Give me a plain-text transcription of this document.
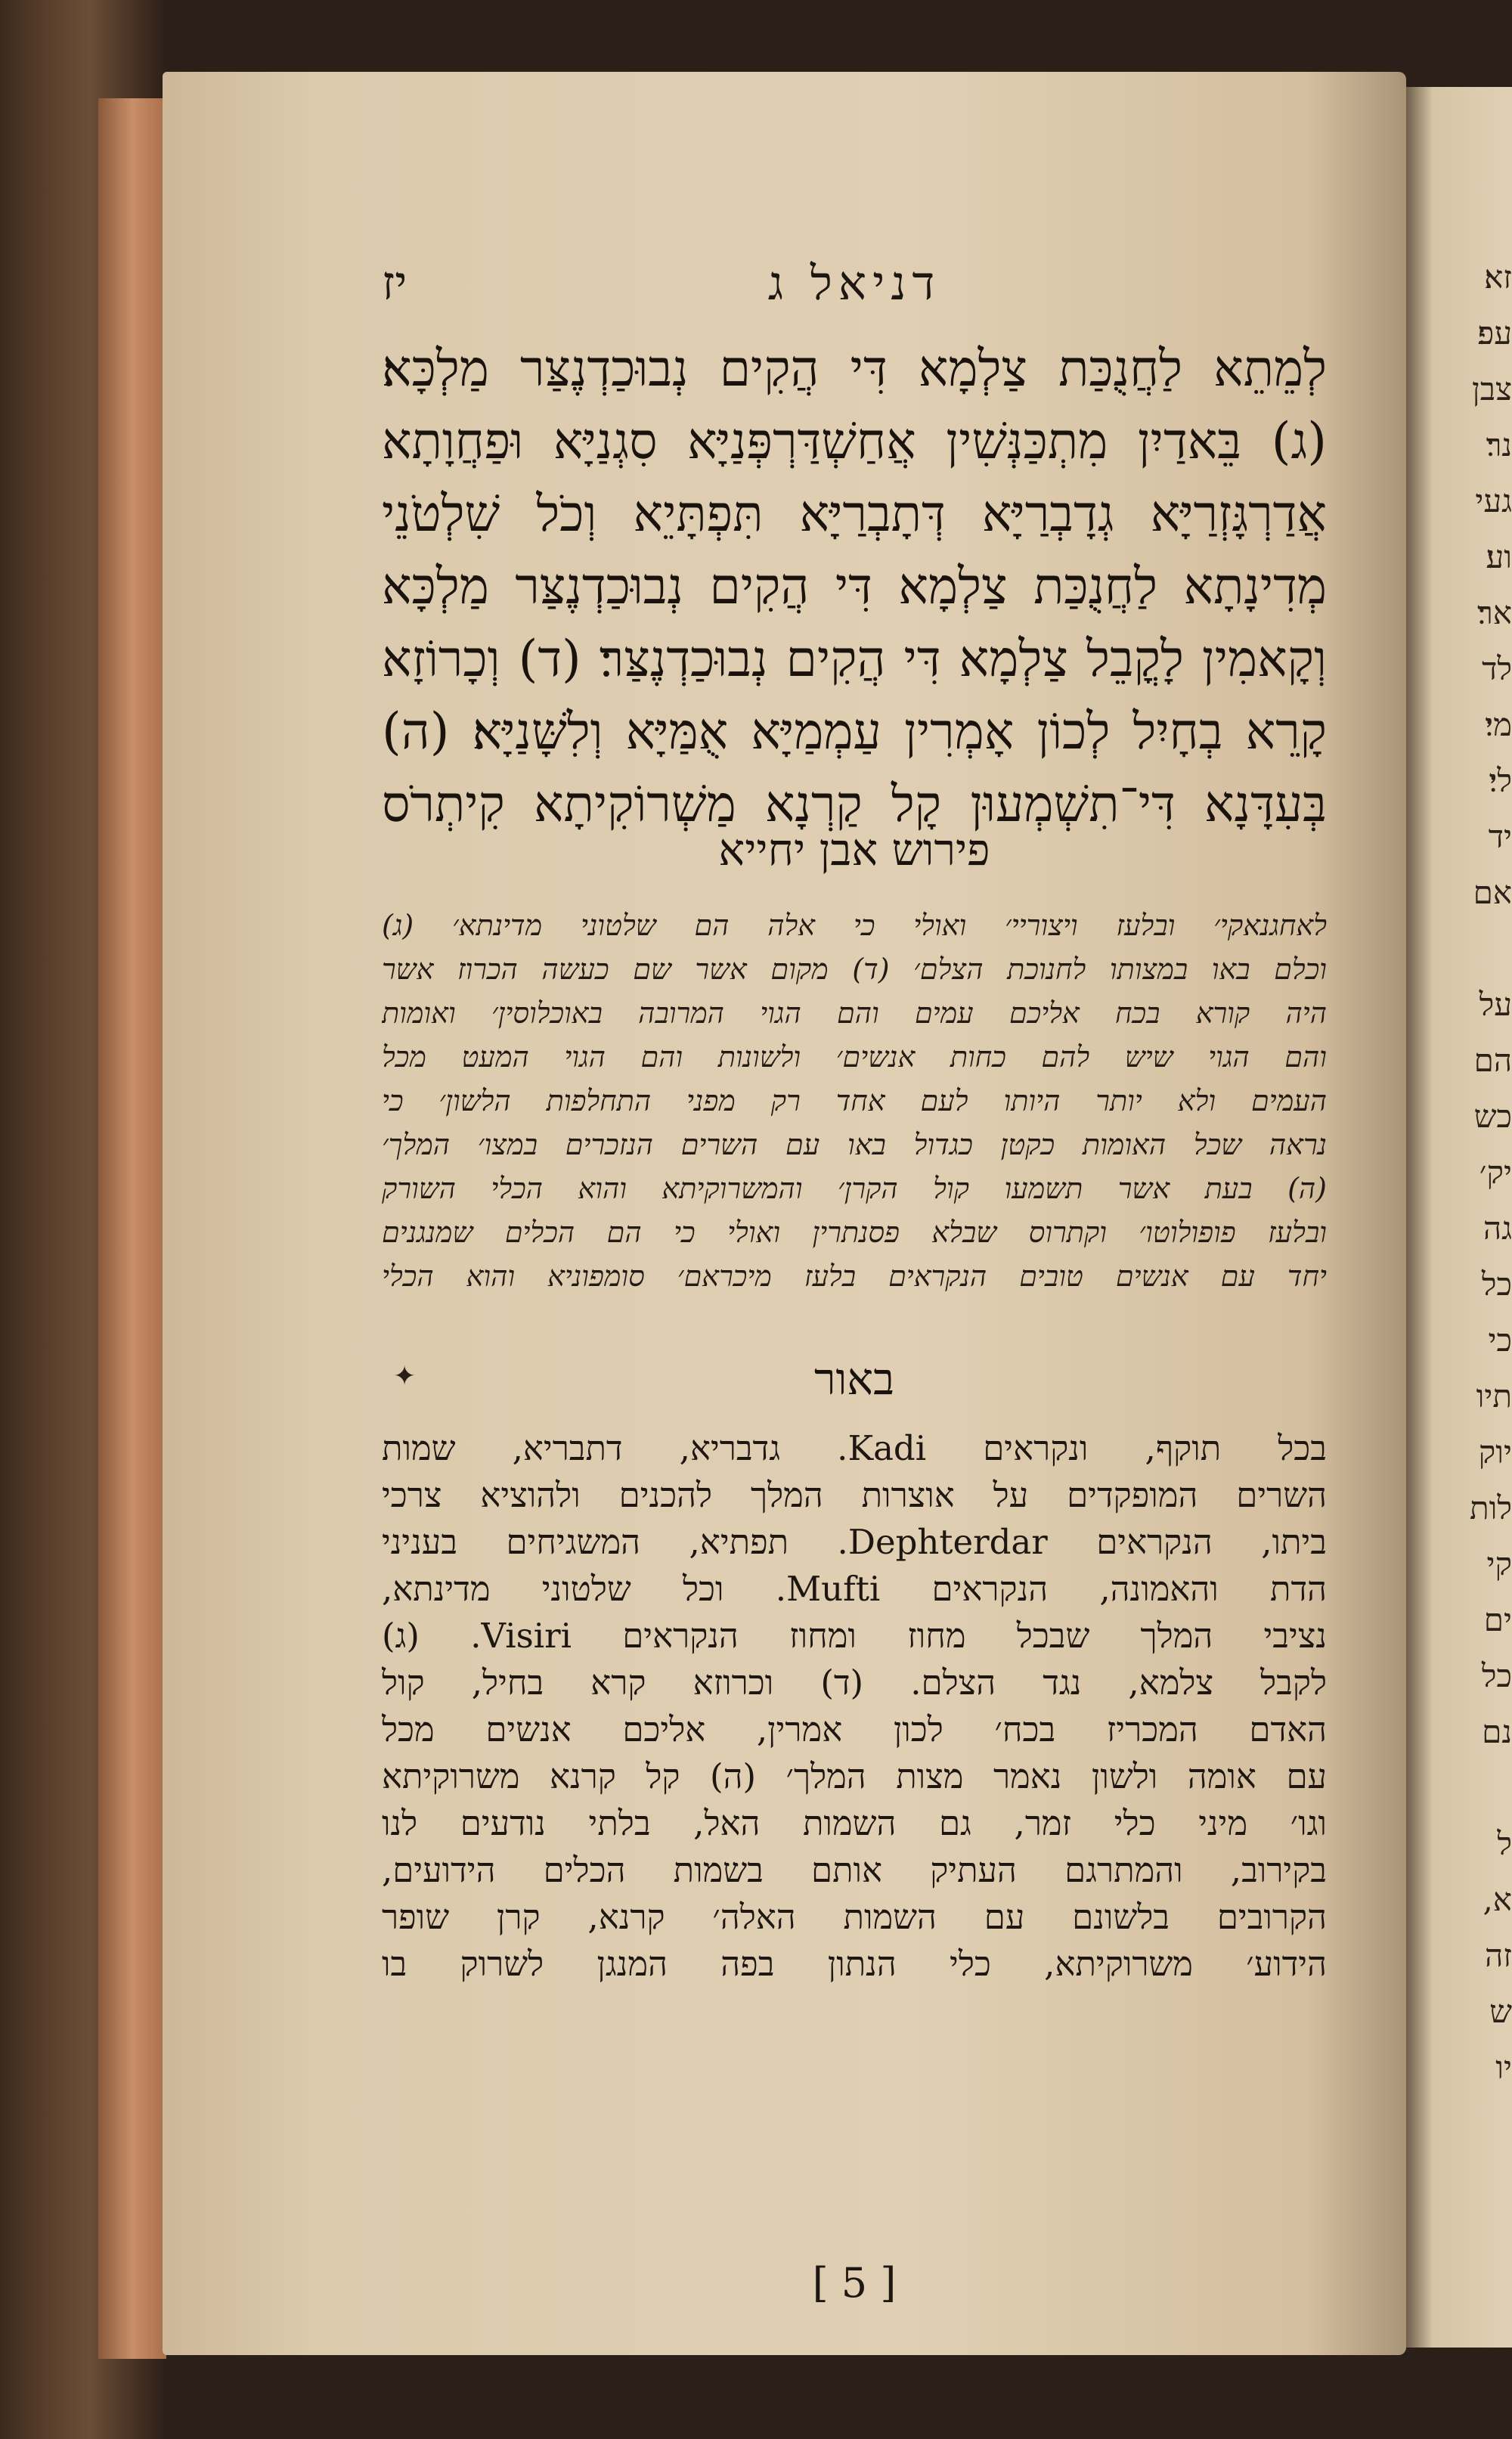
זא׃
עפ׃
צבן
נר׃
געי
וע׃
אר׃
לד
מי׃
לי׃
יד
אם

על
הם
כש
יק׳
גה
כל
כי
תיו
יוק
לות
קי
ים
כל
נם

ל
א,
זה
ש
יו
דניאל ג
יז

לְמֵתֵא לַחֲנֻכַּת צַלְמָא דִּי הֲקִים נְבוּכַדְנֶצַּר מַלְכָּא׃

(ג) בֵּאדַיִן מִתְכַּנְּשִׁין אֲחַשְׁדַּרְפְּנַיָּא סִגְנַיָּא וּפַחֲוָתָא

אֲדַרְגָּזְרַיָּא גְדָבְרַיָּא דְּתָבְרַיָּא תִּפְתָּיֵא וְכֹל שִׁלְטֹנֵי

מְדִינָתָא לַחֲנֻכַּת צַלְמָא דִּי הֲקִים נְבוּכַדְנֶצַּר מַלְכָּא

וְקָאמִין לָקֳבֵל צַלְמָא דִּי הֲקִים נְבוּכַדְנֶצַּר׃ (ד) וְכָרוֹזָא

קָרֵא בְחָיִל לְכוֹן אָמְרִין עַמְמַיָּא אֻמַּיָּא וְלִשָּׁנַיָּא׃ (ה)

בְּעִדָּנָא דִּי־תִשְׁמְעוּן קָל קַרְנָא מַשְׁרוֹקִיתָא קִיתְרֹס

פירוש אבן יחייא

לאחגנאקי׳ ובלעז ויצוריי׳ ואולי כי אלה הם שלטוני מדינתא׳ (ג)

וכלם באו במצותו לחנוכת הצלם׳ (ד) מקום אשר שם כעשה הכרוז אשר

היה קורא בכח אליכם עמים והם הגוי המרובה באוכלוסין׳ ואומות

והם הגוי שיש להם כחות אנשים׳ ולשונות והם הגוי המעט מכל

העמים ולא יותר היותו לעם אחד רק מפני התחלפות הלשון׳ כי

נראה שכל האומות כקטן כגדול באו עם השרים הנזכרים במצו׳ המלך׳

(ה) בעת אשר תשמעו קול הקרן׳ והמשרוקיתא והוא הכלי השורק

ובלעז פופולוטו׳ וקתרוס שבלא פסנתרין ואולי כי הם הכלים שמנגנים

יחד עם אנשים טובים הנקראים בלעז מיכראם׳ סומפוניא והוא הכלי

✦	באור

בכל תוקף, ונקראים Kadi. גדבריא, דתבריא, שמות

השרים המופקדים על אוצרות המלך להכנים ולהוציא צרכי

ביתו, הנקראים Dephterdar. תפתיא, המשגיחים בעניני

הדת והאמונה, הנקראים Mufti. וכל שלטוני מדינתא,

נציבי המלך שבכל מחוז ומחוז הנקראים Visiri. (ג)

לקבל צלמא, נגד הצלם. (ד) וכרוזא קרא בחיל, קול

האדם המכריז בכח׳ לכון אמרין, אליכם אנשים מכל

עם אומה ולשון נאמר מצות המלך׳ (ה) קל קרנא משרוקיתא

וגו׳ מיני כלי זמר, גם השמות האל, בלתי נודעים לנו

בקירוב, והמתרגם העתיק אותם בשמות הכלים הידועים,

הקרובים בלשונם עם השמות האלה׳ קרנא, קרן שופר

הידוע׳ משרוקיתא, כלי הנתון בפה המנגן לשרוק בו

[ 5 ]
